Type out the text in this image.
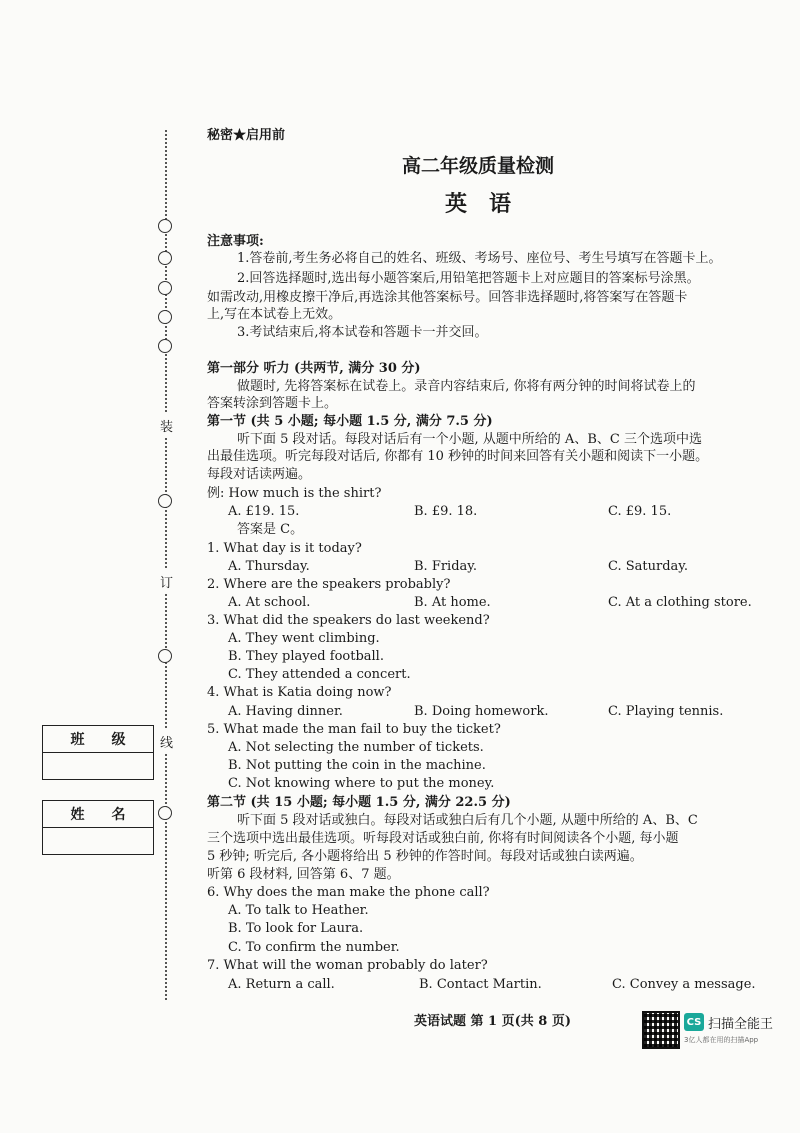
装
订
线
班 级
姓 名
秘密★启用前
高二年级质量检测
英语
注意事项:
1.答卷前,考生务必将自己的姓名、班级、考场号、座位号、考生号填写在答题卡上。
2.回答选择题时,选出每小题答案后,用铅笔把答题卡上对应题目的答案标号涂黑。
如需改动,用橡皮擦干净后,再选涂其他答案标号。回答非选择题时,将答案写在答题卡
上,写在本试卷上无效。
3.考试结束后,将本试卷和答题卡一并交回。
第一部分 听力 (共两节, 满分 30 分)
做题时, 先将答案标在试卷上。录音内容结束后, 你将有两分钟的时间将试卷上的
答案转涂到答题卡上。
第一节 (共 5 小题; 每小题 1.5 分, 满分 7.5 分)
听下面 5 段对话。每段对话后有一个小题, 从题中所给的 A、B、C 三个选项中选
出最佳选项。听完每段对话后, 你都有 10 秒钟的时间来回答有关小题和阅读下一小题。
每段对话读两遍。
例: How much is the shirt?
A. £19. 15.	B. £9. 18.	C. £9. 15.
答案是 C。
1. What day is it today?
A. Thursday.	B. Friday.	C. Saturday.
2. Where are the speakers probably?
A. At school.	B. At home.	C. At a clothing store.
3. What did the speakers do last weekend?
A. They went climbing.
B. They played football.
C. They attended a concert.
4. What is Katia doing now?
A. Having dinner.	B. Doing homework.	C. Playing tennis.
5. What made the man fail to buy the ticket?
A. Not selecting the number of tickets.
B. Not putting the coin in the machine.
C. Not knowing where to put the money.
第二节 (共 15 小题; 每小题 1.5 分, 满分 22.5 分)
听下面 5 段对话或独白。每段对话或独白后有几个小题, 从题中所给的 A、B、C
三个选项中选出最佳选项。听每段对话或独白前, 你将有时间阅读各个小题, 每小题
5 秒钟; 听完后, 各小题将给出 5 秒钟的作答时间。每段对话或独白读两遍。
听第 6 段材料, 回答第 6、7 题。
6. Why does the man make the phone call?
A. To talk to Heather.
B. To look for Laura.
C. To confirm the number.
7. What will the woman probably do later?
A. Return a call.	B. Contact Martin.	C. Convey a message.
英语试题 第 1 页(共 8 页)	CS 扫描全能王
3亿人都在用的扫描App
